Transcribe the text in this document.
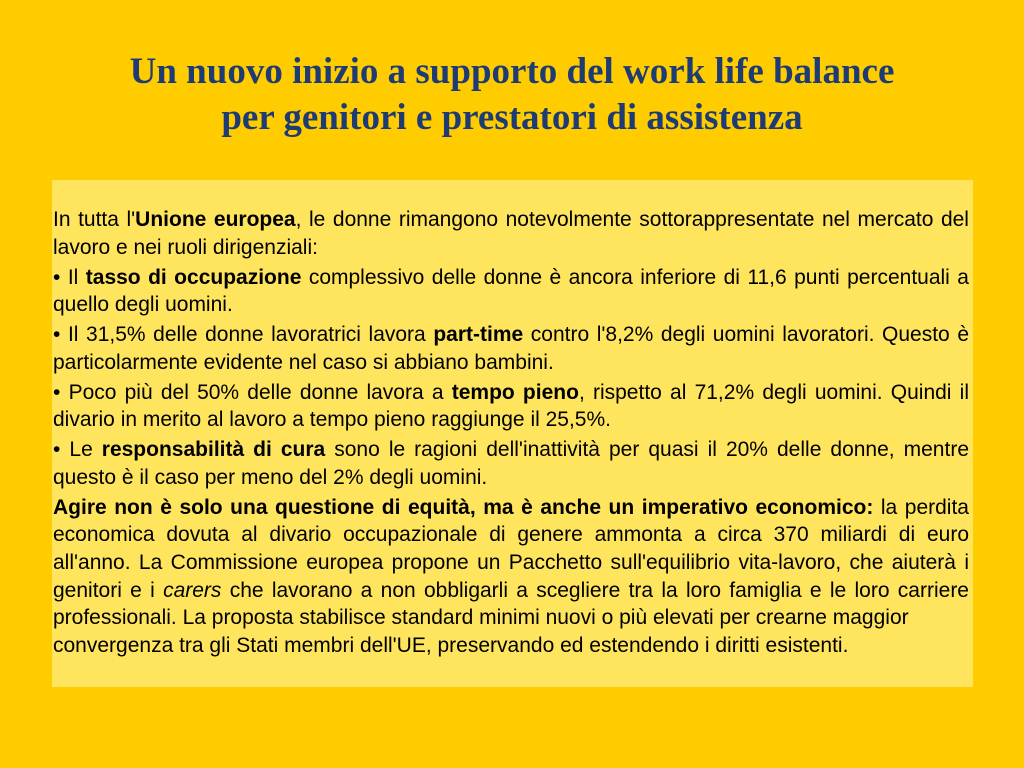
Un nuovo inizio a supporto del work life balance
per genitori e prestatori di assistenza

In tutta l'Unione europea, le donne rimangono notevolmente sottorappresentate nel mercato del lavoro e nei ruoli dirigenziali:

• Il tasso di occupazione complessivo delle donne è ancora inferiore di 11,6 punti percentuali a quello degli uomini.

• Il 31,5% delle donne lavoratrici lavora part-time contro l'8,2% degli uomini lavoratori. Questo è particolarmente evidente nel caso si abbiano bambini.

• Poco più del 50% delle donne lavora a tempo pieno, rispetto al 71,2% degli uomini. Quindi il divario in merito al lavoro a tempo pieno raggiunge il 25,5%.

• Le responsabilità di cura sono le ragioni dell'inattività per quasi il 20% delle donne, mentre questo è il caso per meno del 2% degli uomini.

Agire non è solo una questione di equità, ma è anche un imperativo economico: la perdita economica dovuta al divario occupazionale di genere ammonta a circa 370 miliardi di euro all'anno. La Commissione europea propone un Pacchetto sull'equilibrio vita-lavoro, che aiuterà i genitori e i carers che lavorano a non obbligarli a scegliere tra la loro famiglia e le loro carriere professionali. La proposta stabilisce standard minimi nuovi o più elevati per crearne maggior
convergenza tra gli Stati membri dell'UE, preservando ed estendendo i diritti esistenti.
